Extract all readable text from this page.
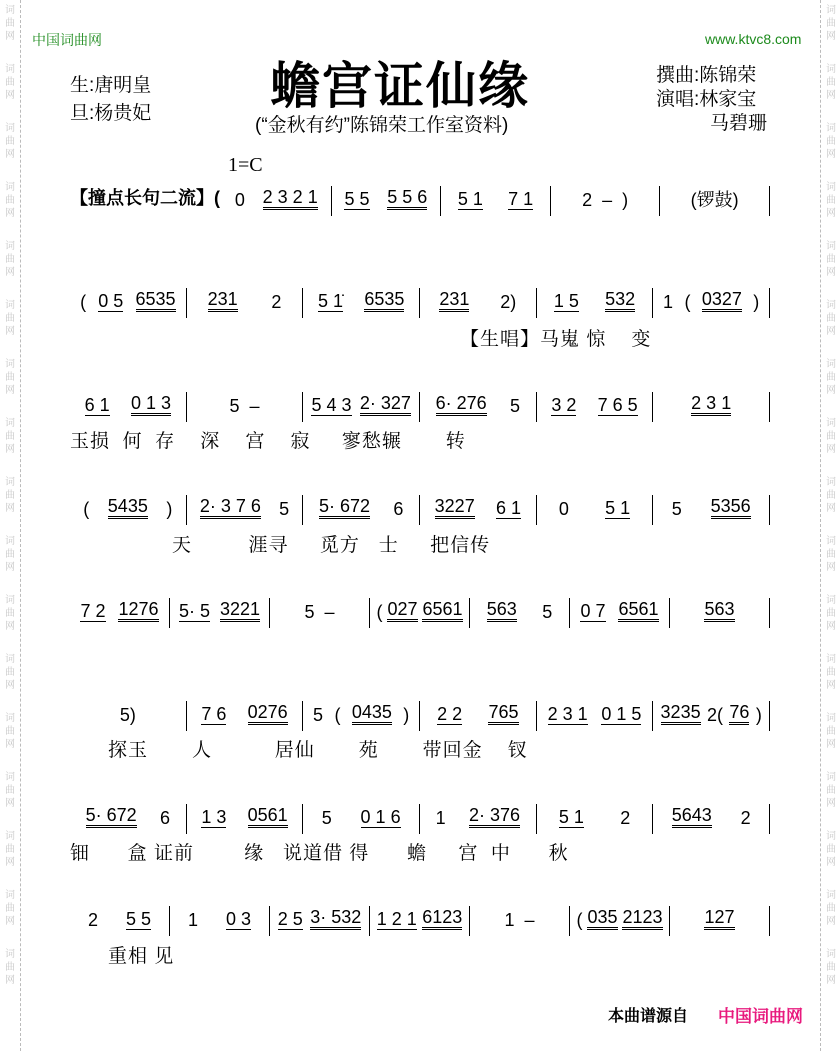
词
曲
网
词
曲
网
词
曲
网
词
曲
网
词
曲
网
词
曲
网
词
曲
网
词
曲
网
词
曲
网
词
曲
网
词
曲
网
词
曲
网
词
曲
网
词
曲
网
词
曲
网
词
曲
网
词
曲
网
词
曲
网
词
曲
网
词
曲
网
词
曲
网
词
曲
网
词
曲
网
词
曲
网
词
曲
网
词
曲
网
词
曲
网
词
曲
网
词
曲
网
词
曲
网
词
曲
网
词
曲
网
词
曲
网
词
曲
网
中国词曲网	www.ktvc8.com
蟾宫证仙缘
生:唐明皇
旦:杨贵妃
撰曲:陈锦荣
演唱:林家宝
马碧珊
(“金秋有约”陈锦荣工作室资料)
1=C
【撞点长句二流】( 0 2 3 2 1 5 5 5 5 6 5 1 7 1	2  –  )	(锣鼓)
( 0 5 6535 231 2 5 1̇ 6535 231 2) 1 5 532 1 ( 0327 )
【生唱】马嵬 惊    变
6 1 0 1 3	5  –	5 4 3 2· 327 6· 276 5 3 2 7 6 5	2 3 1
玉损  何  存    深    宫    寂     寥愁辗       转
( 5435 ) 2· 3 7 6 5 5· 672 6 3227 6 1 0 5 1 5 5356
天         涯寻     觅方   士     把信传
7 2 1276 5· 5 3221 5  – ( 027 6561 563 5 0 7 6561	563
5)	7 6 0276 5 ( 0435 ) 2 2 765 2 3 1 0 1 5 3235 2( 76 )
探玉       人          居仙       苑       带回金    钗
5· 672 6 1 3 0561 5 0 1 6 1 2· 376 5 1 2 5643 2
钿      盒 证前        缘   说道借 得      蟾     宫  中      秋
2 5 5 1 0 3 2 5 3· 532 1 2 1 6123 1  – ( 035 2123 127
重相 见
本曲谱源自 中国词曲网
